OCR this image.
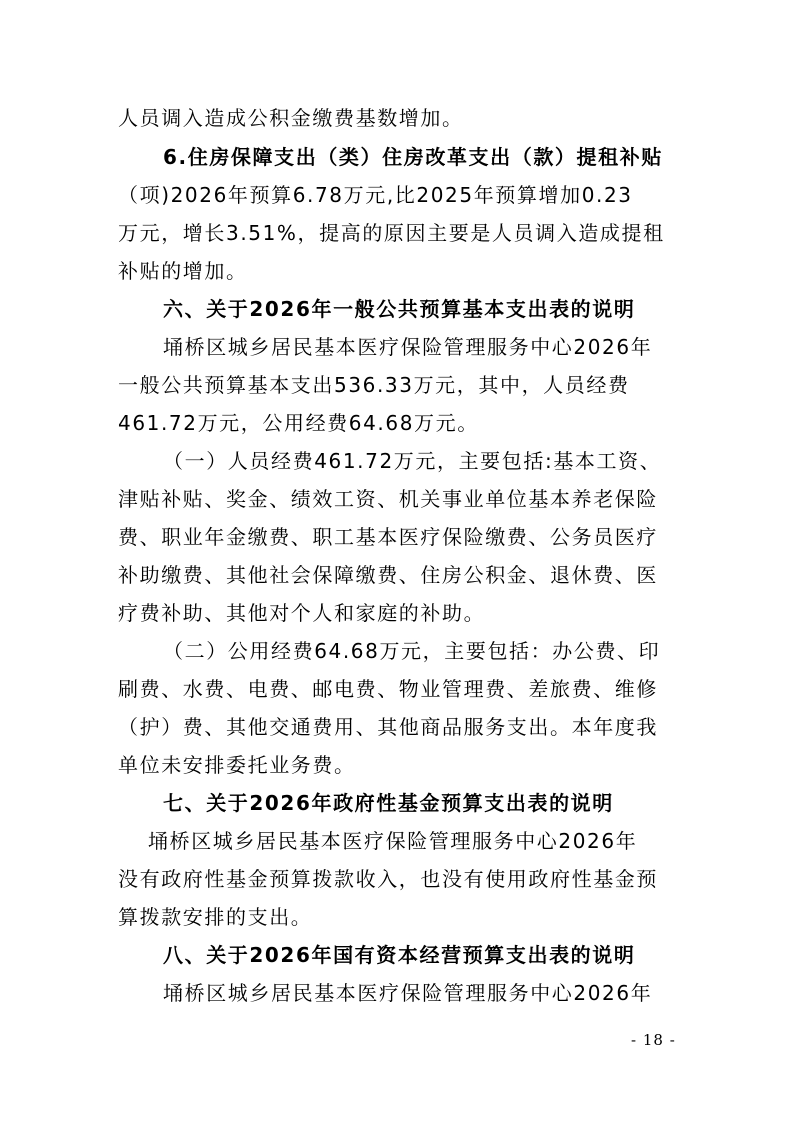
人员调入造成公积金缴费基数增加。

6.住房保障支出（类）住房改革支出（款）提租补贴

（项)2026年预算6.78万元,比2025年预算增加0.23

万元，增长3.51%，提高的原因主要是人员调入造成提租

补贴的增加。

六、关于2026年一般公共预算基本支出表的说明

埇桥区城乡居民基本医疗保险管理服务中心2026年

一般公共预算基本支出536.33万元，其中，人员经费

461.72万元，公用经费64.68万元。

（一）人员经费461.72万元，主要包括:基本工资、

津贴补贴、奖金、绩效工资、机关事业单位基本养老保险

费、职业年金缴费、职工基本医疗保险缴费、公务员医疗

补助缴费、其他社会保障缴费、住房公积金、退休费、医

疗费补助、其他对个人和家庭的补助。

（二）公用经费64.68万元，主要包括：办公费、印

刷费、水费、电费、邮电费、物业管理费、差旅费、维修

（护）费、其他交通费用、其他商品服务支出。本年度我

单位未安排委托业务费。

七、关于2026年政府性基金预算支出表的说明

埇桥区城乡居民基本医疗保险管理服务中心2026年

没有政府性基金预算拨款收入，也没有使用政府性基金预

算拨款安排的支出。

八、关于2026年国有资本经营预算支出表的说明

埇桥区城乡居民基本医疗保险管理服务中心2026年

- 18 -
